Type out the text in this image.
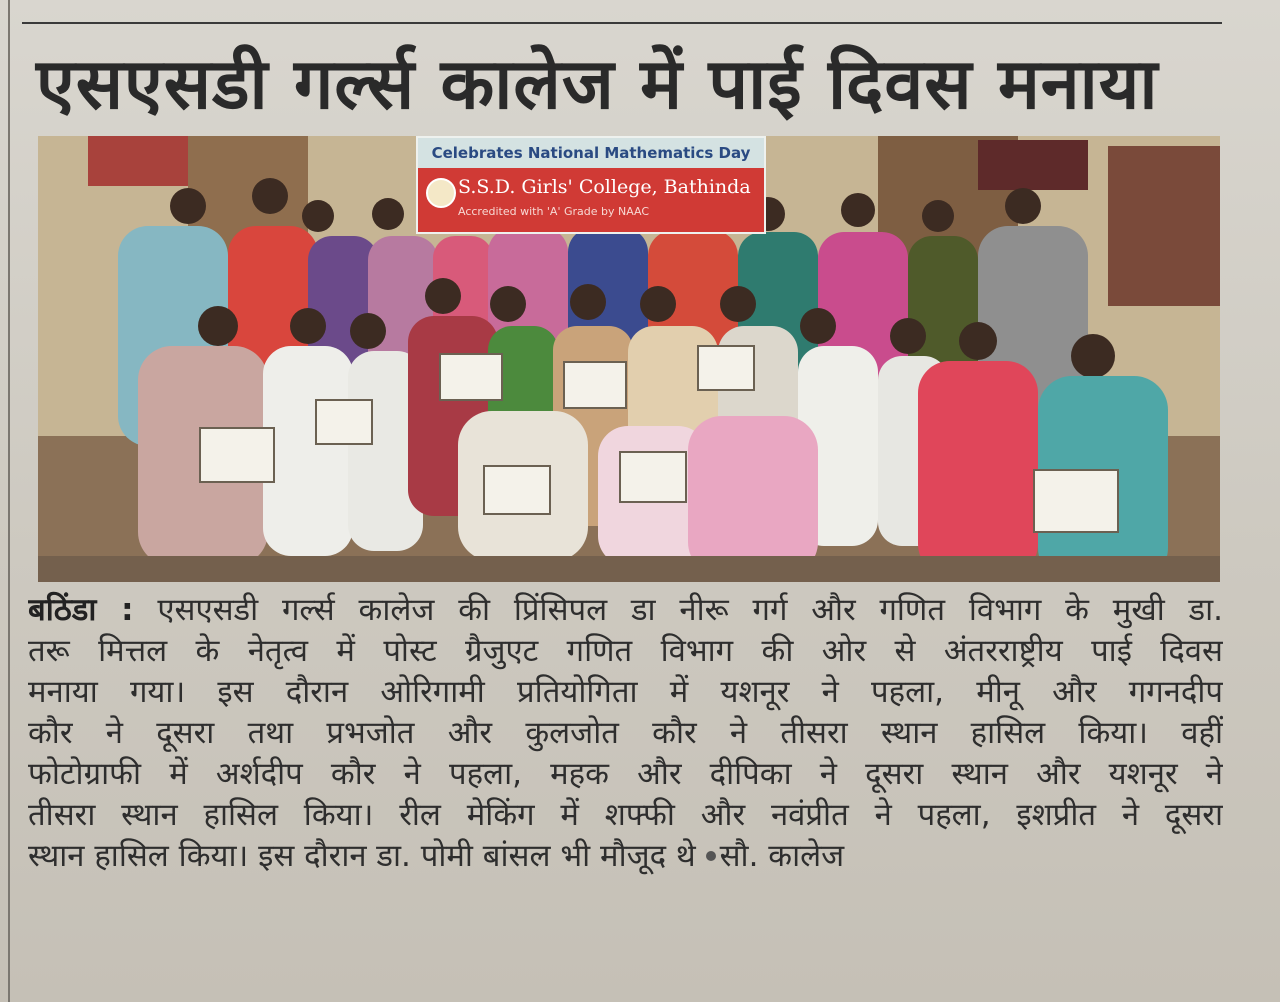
एसएसडी गर्ल्स कालेज में पाई दिवस मनाया
Celebrates National Mathematics Day
S.S.D. Girls' College, Bathinda
Accredited with 'A' Grade by NAAC
बठिंडा : एसएसडी गर्ल्स कालेज की प्रिंसिपल डा नीरू गर्ग और गणित विभाग के मुखी डा.
तरू मित्तल के नेतृत्व में पोस्ट ग्रैजुएट गणित विभाग की ओर से अंतरराष्ट्रीय पाई दिवस
मनाया गया। इस दौरान ओरिगामी प्रतियोगिता में यशनूर ने पहला, मीनू और गगनदीप
कौर ने दूसरा तथा प्रभजोत और कुलजोत कौर ने तीसरा स्थान हासिल किया। वहीं
फोटोग्राफी में अर्शदीप कौर ने पहला, महक और दीपिका ने दूसरा स्थान और यशनूर ने
तीसरा स्थान हासिल किया। रील मेकिंग में शफ्फी और नवंप्रीत ने पहला, इशप्रीत ने दूसरा
स्थान हासिल किया। इस दौरान डा. पोमी बांसल भी मौजूद थे सौ. कालेज
